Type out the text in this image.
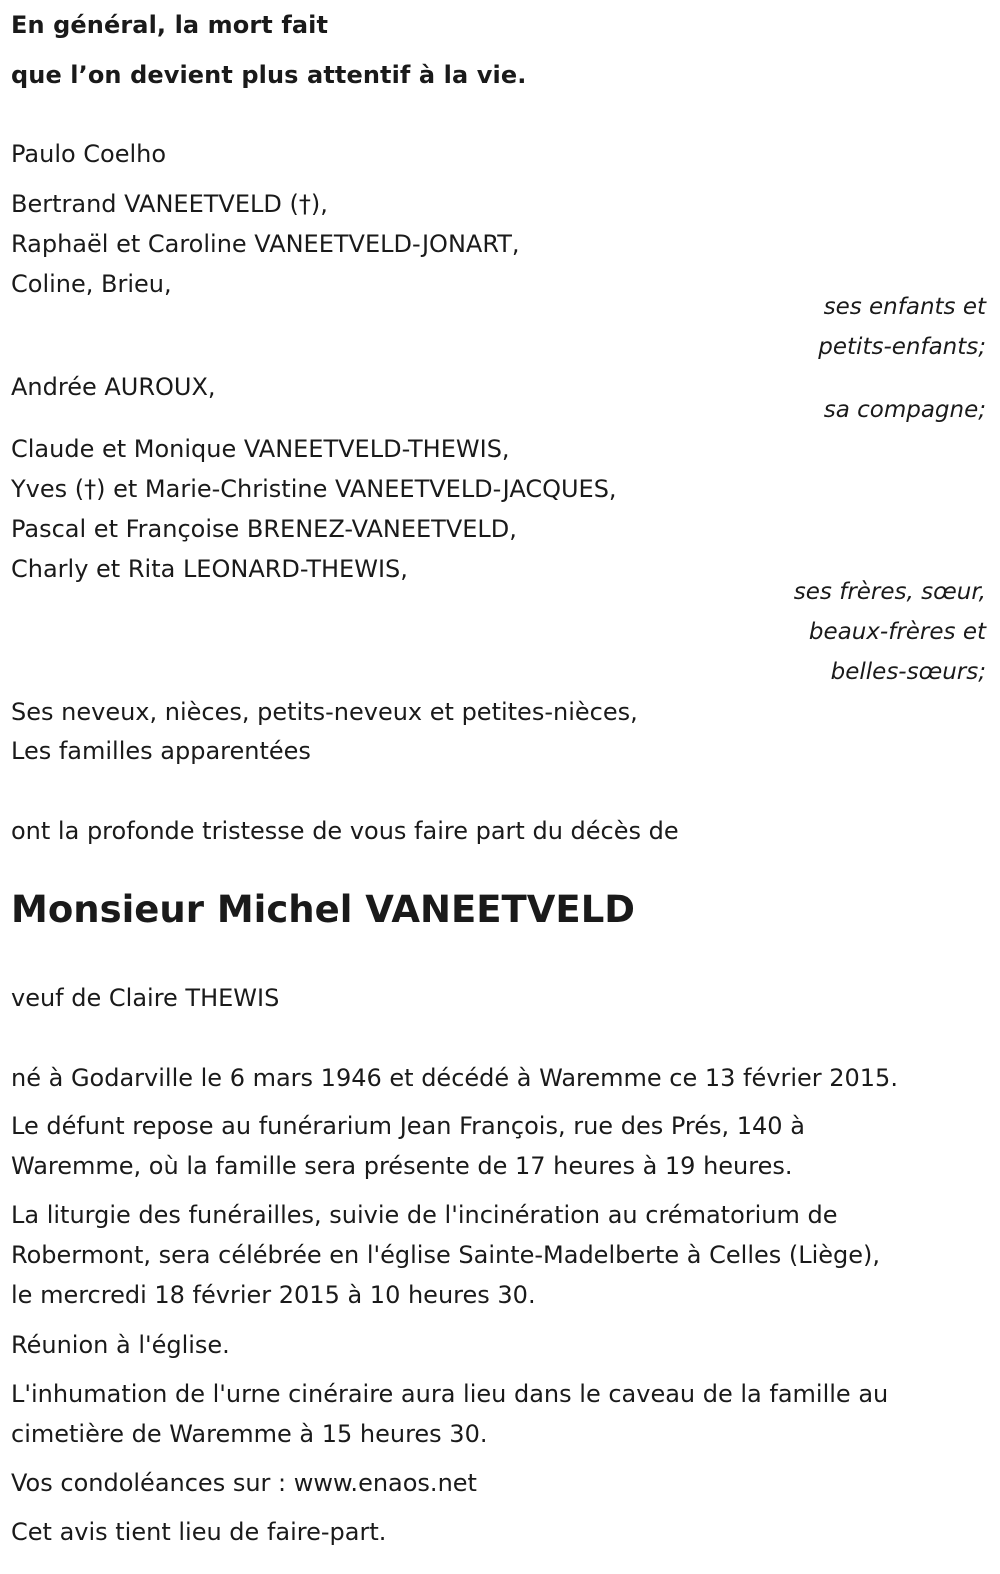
En général, la mort fait
que l’on devient plus attentif à la vie.
Paulo Coelho
Bertrand VANEETVELD (†),
Raphaël et Caroline VANEETVELD-JONART,
Coline, Brieu,
ses enfants et
petits-enfants;
Andrée AUROUX,
sa compagne;
Claude et Monique VANEETVELD-THEWIS,
Yves (†) et Marie-Christine VANEETVELD-JACQUES,
Pascal et Françoise BRENEZ-VANEETVELD,
Charly et Rita LEONARD-THEWIS,
ses frères, sœur,
beaux-frères et
belles-sœurs;
Ses neveux, nièces, petits-neveux et petites-nièces,
Les familles apparentées
ont la profonde tristesse de vous faire part du décès de
Monsieur Michel VANEETVELD
veuf de Claire THEWIS
né à Godarville le 6 mars 1946 et décédé à Waremme ce 13 février 2015.
Le défunt repose au funérarium Jean François, rue des Prés, 140 à
Waremme, où la famille sera présente de 17 heures à 19 heures.
La liturgie des funérailles, suivie de l'incinération au crématorium de
Robermont, sera célébrée en l'église Sainte-Madelberte à Celles (Liège),
le mercredi 18 février 2015 à 10 heures 30.
Réunion à l'église.
L'inhumation de l'urne cinéraire aura lieu dans le caveau de la famille au
cimetière de Waremme à 15 heures 30.
Vos condoléances sur : www.enaos.net
Cet avis tient lieu de faire-part.
